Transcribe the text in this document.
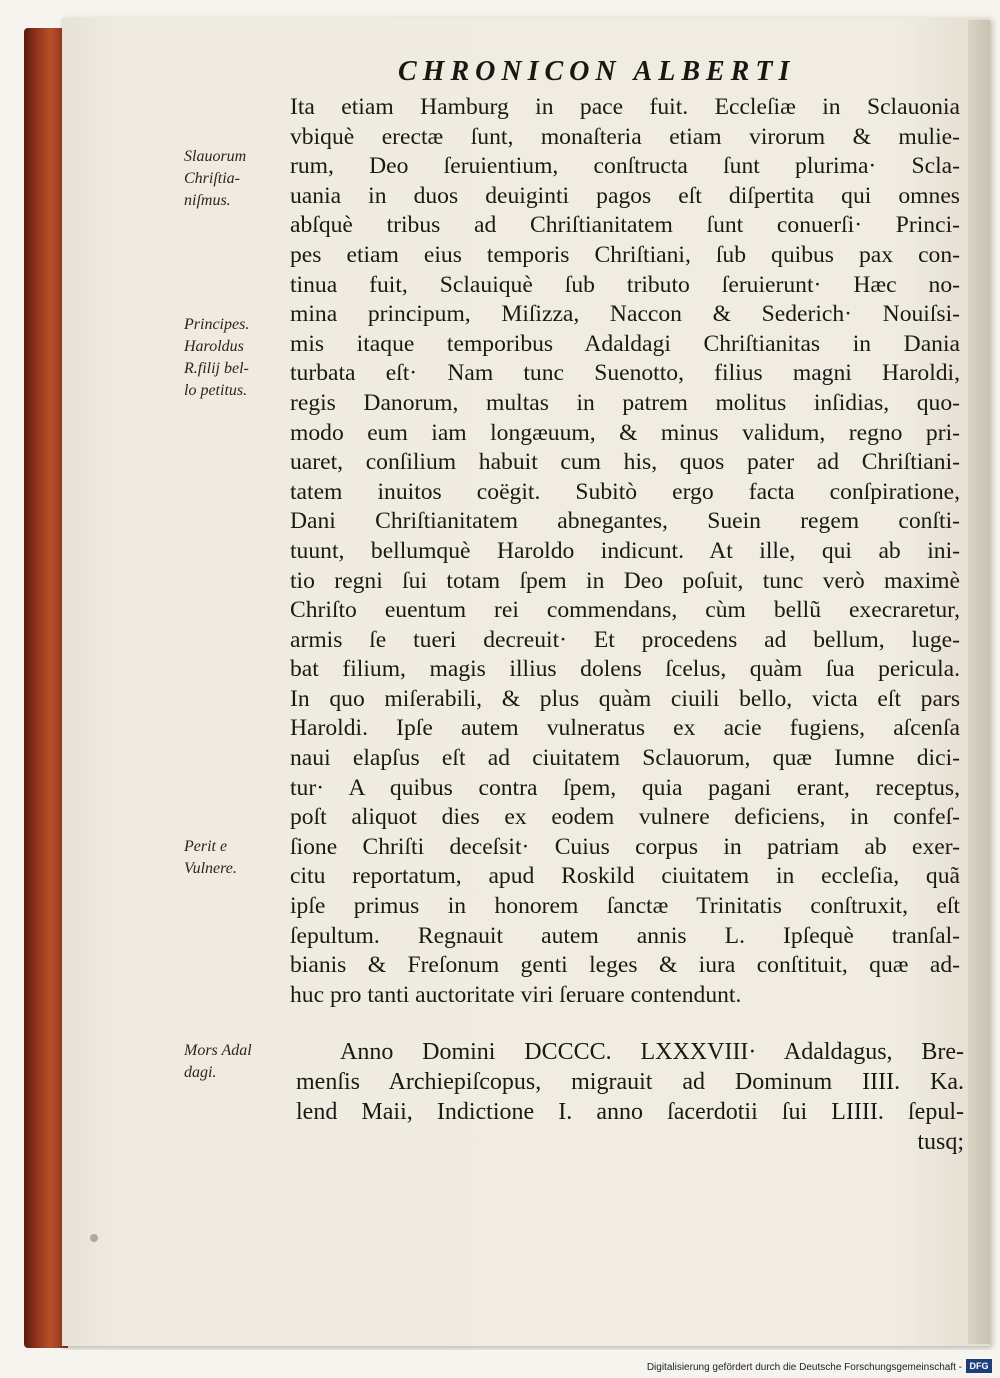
CHRONICON ALBERTI
Slauorum
Chriſtia-
niſmus.
Principes.
Haroldus
R.filij bel-
lo petitus.
Perit e
Vulnere.
Mors Adal
dagi.
Ita etiam Hamburg in pace fuit. Eccleſiæ in Sclauonia
vbiquè erectæ ſunt, monaſteria etiam virorum & mulie-
rum, Deo ſeruientium, conſtructa ſunt plurima· Scla-
uania in duos deuiginti pagos eſt diſpertita qui omnes
abſquè tribus ad Chriſtianitatem ſunt conuerſi· Princi-
pes etiam eius temporis Chriſtiani, ſub quibus pax con-
tinua fuit, Sclauiquè ſub tributo ſeruierunt· Hæc no-
mina principum, Miſizza, Naccon & Sederich· Nouiſsi-
mis itaque temporibus Adaldagi Chriſtianitas in Dania
turbata eſt· Nam tunc Suenotto, filius magni Haroldi,
regis Danorum, multas in patrem molitus inſidias, quo-
modo eum iam longæuum, & minus validum, regno pri-
uaret, conſilium habuit cum his, quos pater ad Chriſtiani-
tatem inuitos coëgit. Subitò ergo facta conſpiratione,
Dani Chriſtianitatem abnegantes, Suein regem conſti-
tuunt, bellumquè Haroldo indicunt. At ille, qui ab ini-
tio regni ſui totam ſpem in Deo poſuit, tunc verò maximè
Chriſto euentum rei commendans, cùm bellũ execraretur,
armis ſe tueri decreuit· Et procedens ad bellum, luge-
bat filium, magis illius dolens ſcelus, quàm ſua pericula.
In quo miſerabili, & plus quàm ciuili bello, victa eſt pars
Haroldi. Ipſe autem vulneratus ex acie fugiens, aſcenſa
naui elapſus eſt ad ciuitatem Sclauorum, quæ Iumne dici-
tur· A quibus contra ſpem, quia pagani erant, receptus,
poſt aliquot dies ex eodem vulnere deficiens, in confeſ-
ſione Chriſti deceſsit· Cuius corpus in patriam ab exer-
citu reportatum, apud Roskild ciuitatem in eccleſia, quã
ipſe primus in honorem ſanctæ Trinitatis conſtruxit, eſt
ſepultum. Regnauit autem annis L. Ipſequè tranſal-
bianis & Freſonum genti leges & iura conſtituit, quæ ad-
huc pro tanti auctoritate viri ſeruare contendunt.
Anno Domini DCCCC. LXXXVIII· Adaldagus, Bre-
menſis Archiepiſcopus, migrauit ad Dominum IIII. Ka.
lend Maii, Indictione I. anno ſacerdotii ſui LIIII. ſepul-
tusq;
Digitalisierung gefördert durch die Deutsche Forschungsgemeinschaft - DFG
